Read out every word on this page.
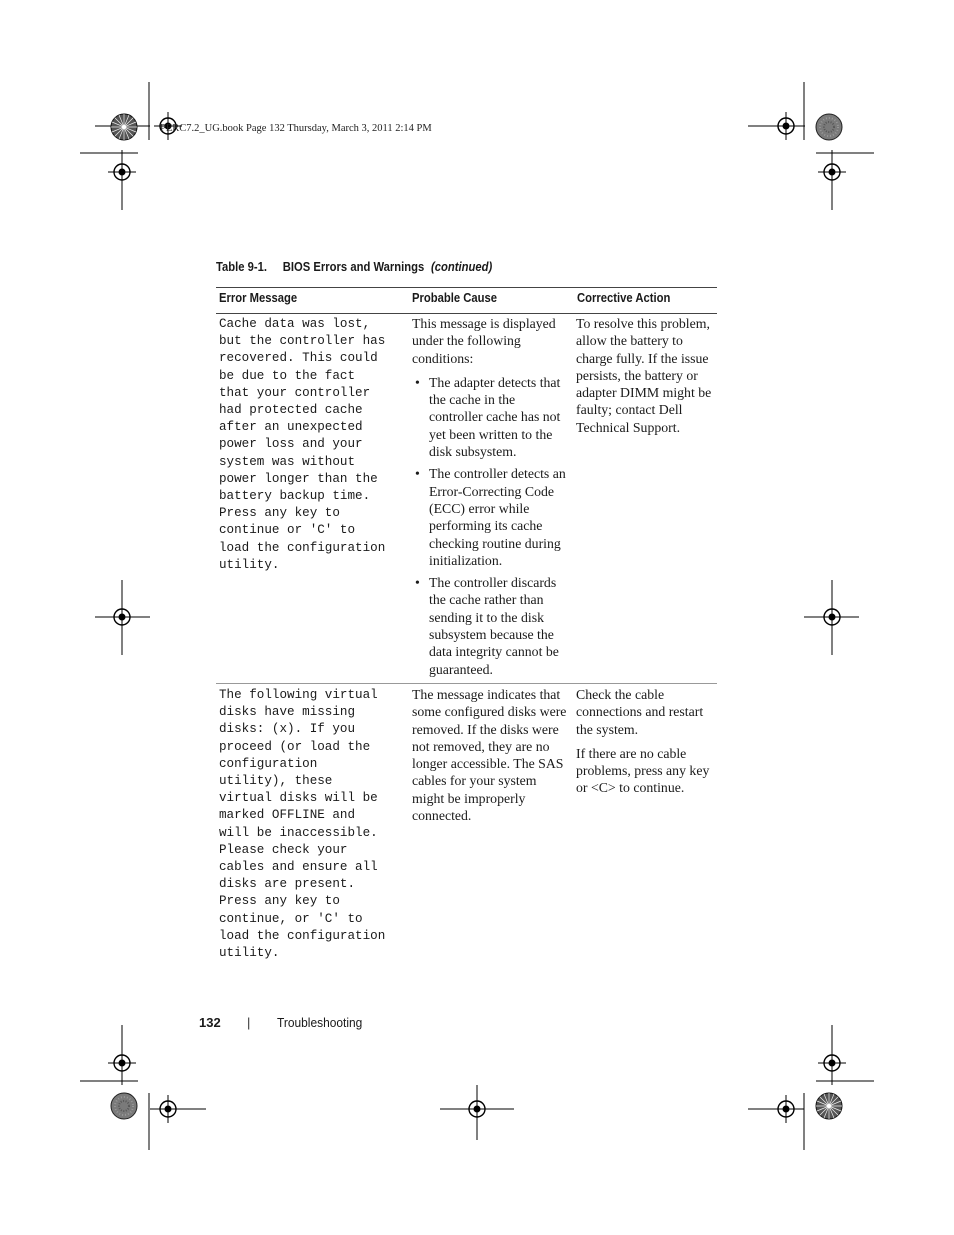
PERC7.2_UG.book Page 132 Thursday, March 3, 2011 2:14 PM
Table 9-1. BIOS Errors and Warnings (continued)
Error Message	Probable Cause	Corrective Action
Cache data was lost,
but the controller has
recovered. This could
be due to the fact
that your controller
had protected cache
after an unexpected
power loss and your
system was without
power longer than the
battery backup time.
Press any key to
continue or 'C' to
load the configuration
utility.

This message is displayed under the following conditions:

• The adapter detects that the cache in the controller cache has not yet been written to the disk subsystem.
• The controller detects an Error-Correcting Code (ECC) error while performing its cache checking routine during initialization.
• The controller discards the cache rather than sending it to the disk subsystem because the data integrity cannot be guaranteed.

To resolve this problem, allow the battery to charge fully. If the issue persists, the battery or adapter DIMM might be faulty; contact Dell Technical Support.

The following virtual
disks have missing
disks: (x). If you
proceed (or load the
configuration
utility), these
virtual disks will be
marked OFFLINE and
will be inaccessible.
Please check your
cables and ensure all
disks are present.
Press any key to
continue, or 'C' to
load the configuration
utility.

The message indicates that some configured disks were removed. If the disks were not removed, they are no longer accessible. The SAS cables for your system might be improperly connected.

Check the cable connections and restart the system.

If there are no cable problems, press any key or <C> to continue.

132 | Troubleshooting
